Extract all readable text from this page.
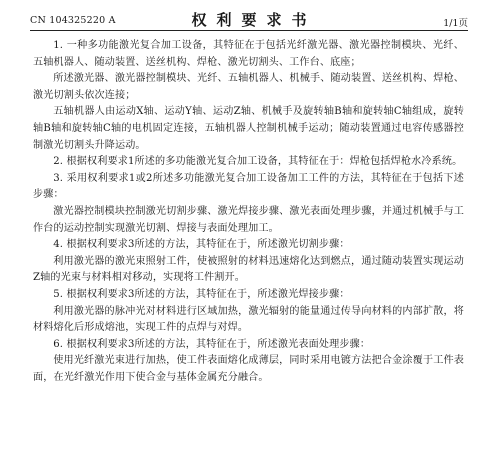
CN 104325220 A	权利要求书	1/1页

1. 一种多功能激光复合加工设备，其特征在于包括光纤激光器、激光器控制模块、光纤、五轴机器人、随动装置、送丝机构、焊枪、激光切割头、工作台、底座；

所述激光器、激光器控制模块、光纤、五轴机器人、机械手、随动装置、送丝机构、焊枪、激光切割头依次连接；

五轴机器人由运动X轴、运动Y轴、运动Z轴、机械手及旋转轴B轴和旋转轴C轴组成，旋转轴B轴和旋转轴C轴的电机固定连接，五轴机器人控制机械手运动；随动装置通过电容传感器控制激光切割头升降运动。

2. 根据权利要求1所述的多功能激光复合加工设备，其特征在于：焊枪包括焊枪水冷系统。

3. 采用权利要求1或2所述多功能激光复合加工设备加工工件的方法，其特征在于包括下述步骤：

激光器控制模块控制激光切割步骤、激光焊接步骤、激光表面处理步骤，并通过机械手与工作台的运动控制实现激光切割、焊接与表面处理加工。

4. 根据权利要求3所述的方法，其特征在于，所述激光切割步骤：

利用激光器的激光束照射工件，使被照射的材料迅速熔化达到燃点，通过随动装置实现运动Z轴的光束与材料相对移动，实现将工件割开。

5. 根据权利要求3所述的方法，其特征在于，所述激光焊接步骤：

利用激光器的脉冲光对材料进行区域加热，激光辐射的能量通过传导向材料的内部扩散，将材料熔化后形成熔池，实现工件的点焊与对焊。

6. 根据权利要求3所述的方法，其特征在于，所述激光表面处理步骤：

使用光纤激光束进行加热，使工件表面熔化成薄层，同时采用电镀方法把合金涂覆于工件表面，在光纤激光作用下使合金与基体金属充分融合。
